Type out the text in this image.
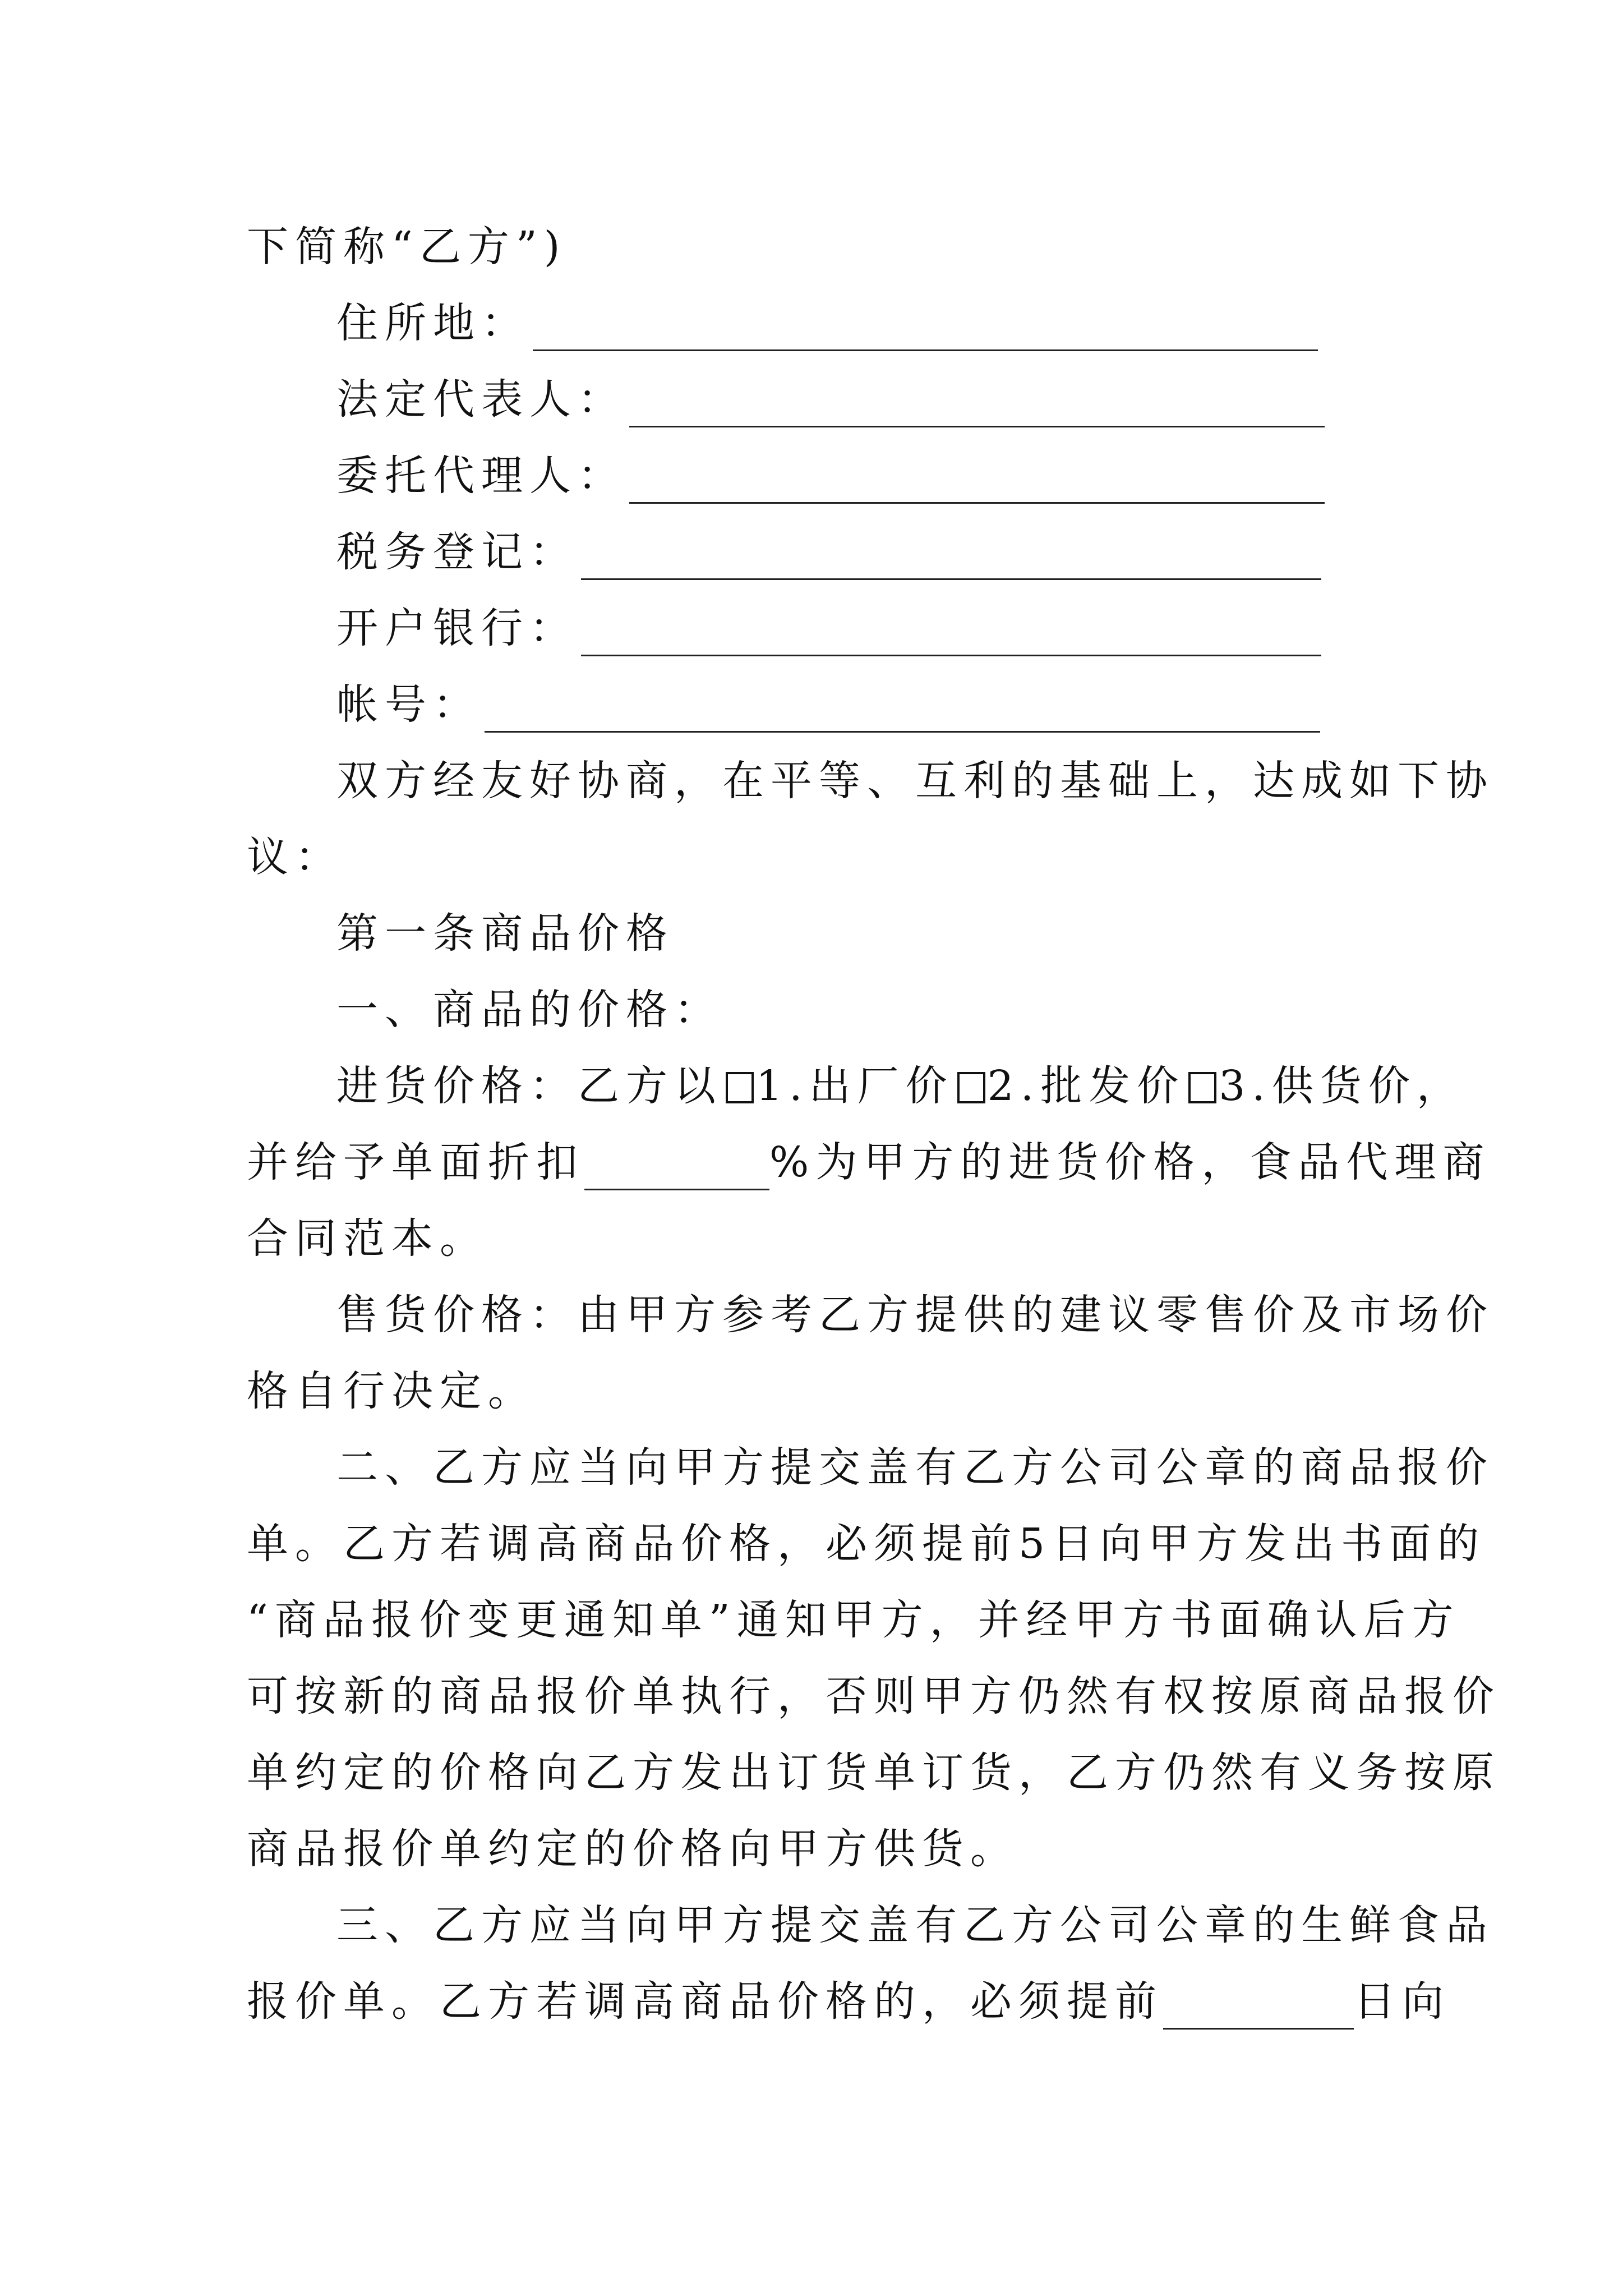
下简称“乙方”)
住所地：
法定代表人：
委托代理人：
税务登记：
开户银行：
帐号：
双方经友好协商，在平等、互利的基础上，达成如下协
议：
第一条商品价格
一、商品的价格：
进货价格：乙方以 1.出厂价 2.批发价 3.供货价，
并给予单面折扣	%为甲方的进货价格，食品代理商
合同范本。
售货价格：由甲方参考乙方提供的建议零售价及市场价
格自行决定。
二、乙方应当向甲方提交盖有乙方公司公章的商品报价
单。乙方若调高商品价格，必须提前5日向甲方发出书面的
“商品报价变更通知单”通知甲方，并经甲方书面确认后方
可按新的商品报价单执行，否则甲方仍然有权按原商品报价
单约定的价格向乙方发出订货单订货，乙方仍然有义务按原
商品报价单约定的价格向甲方供货。
三、乙方应当向甲方提交盖有乙方公司公章的生鲜食品
报价单。乙方若调高商品价格的，必须提前	日向
